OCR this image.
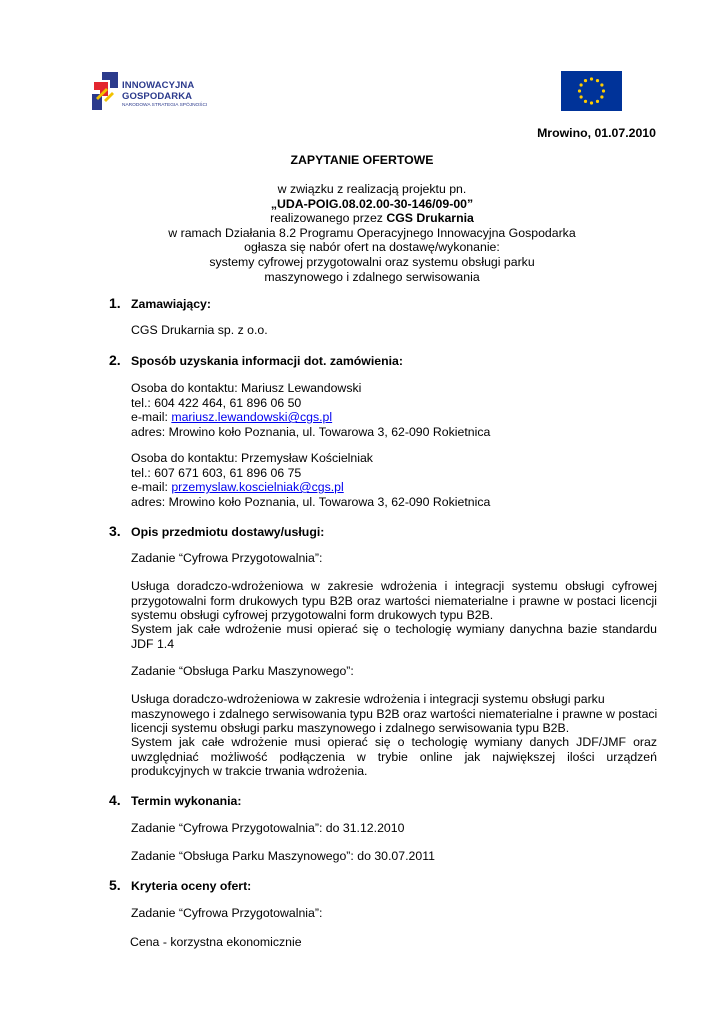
INNOWACYJNA
GOSPODARKA
NARODOWA STRATEGIA SPÓJNOŚCI
Mrowino, 01.07.2010
ZAPYTANIE OFERTOWE
w związku z realizacją projektu pn.
„UDA-POIG.08.02.00-30-146/09-00”
realizowanego przez CGS Drukarnia
w ramach Działania 8.2 Programu Operacyjnego Innowacyjna Gospodarka
ogłasza się nabór ofert na dostawę/wykonanie:
systemy cyfrowej przygotowalni oraz systemu obsługi parku
maszynowego i zdalnego serwisowania
1. Zamawiający:
CGS Drukarnia sp. z o.o.
2. Sposób uzyskania informacji dot. zamówienia:
Osoba do kontaktu: Mariusz Lewandowski
tel.: 604 422 464, 61 896 06 50
e-mail: mariusz.lewandowski@cgs.pl
adres: Mrowino koło Poznania, ul. Towarowa 3, 62-090 Rokietnica
Osoba do kontaktu: Przemysław Kościelniak
tel.: 607 671 603, 61 896 06 75
e-mail: przemyslaw.koscielniak@cgs.pl
adres: Mrowino koło Poznania, ul. Towarowa 3, 62-090 Rokietnica
3. Opis przedmiotu dostawy/usługi:
Zadanie “Cyfrowa Przygotowalnia”:
Usługa doradczo-wdrożeniowa w zakresie wdrożenia i integracji systemu obsługi cyfrowej przygotowalni form drukowych typu B2B oraz wartości niematerialne i prawne w postaci licencji systemu obsługi cyfrowej przygotowalni form drukowych typu B2B.
System jak całe wdrożenie musi opierać się o techologię wymiany danychna bazie standardu JDF 1.4
Zadanie “Obsługa Parku Maszynowego”:
Usługa doradczo-wdrożeniowa w zakresie wdrożenia i integracji systemu obsługi parku
maszynowego i zdalnego serwisowania typu B2B oraz wartości niematerialne i prawne w postaci
licencji systemu obsługi parku maszynowego i zdalnego serwisowania typu B2B.
System jak całe wdrożenie musi opierać się o techologię wymiany danych JDF/JMF oraz uwzględniać możliwość podłączenia w trybie online jak największej ilości urządzeń produkcyjnych w trakcie trwania wdrożenia.
4. Termin wykonania:
Zadanie “Cyfrowa Przygotowalnia”: do 31.12.2010
Zadanie “Obsługa Parku Maszynowego”: do 30.07.2011
5. Kryteria oceny ofert:
Zadanie “Cyfrowa Przygotowalnia”:
Cena - korzystna ekonomicznie
